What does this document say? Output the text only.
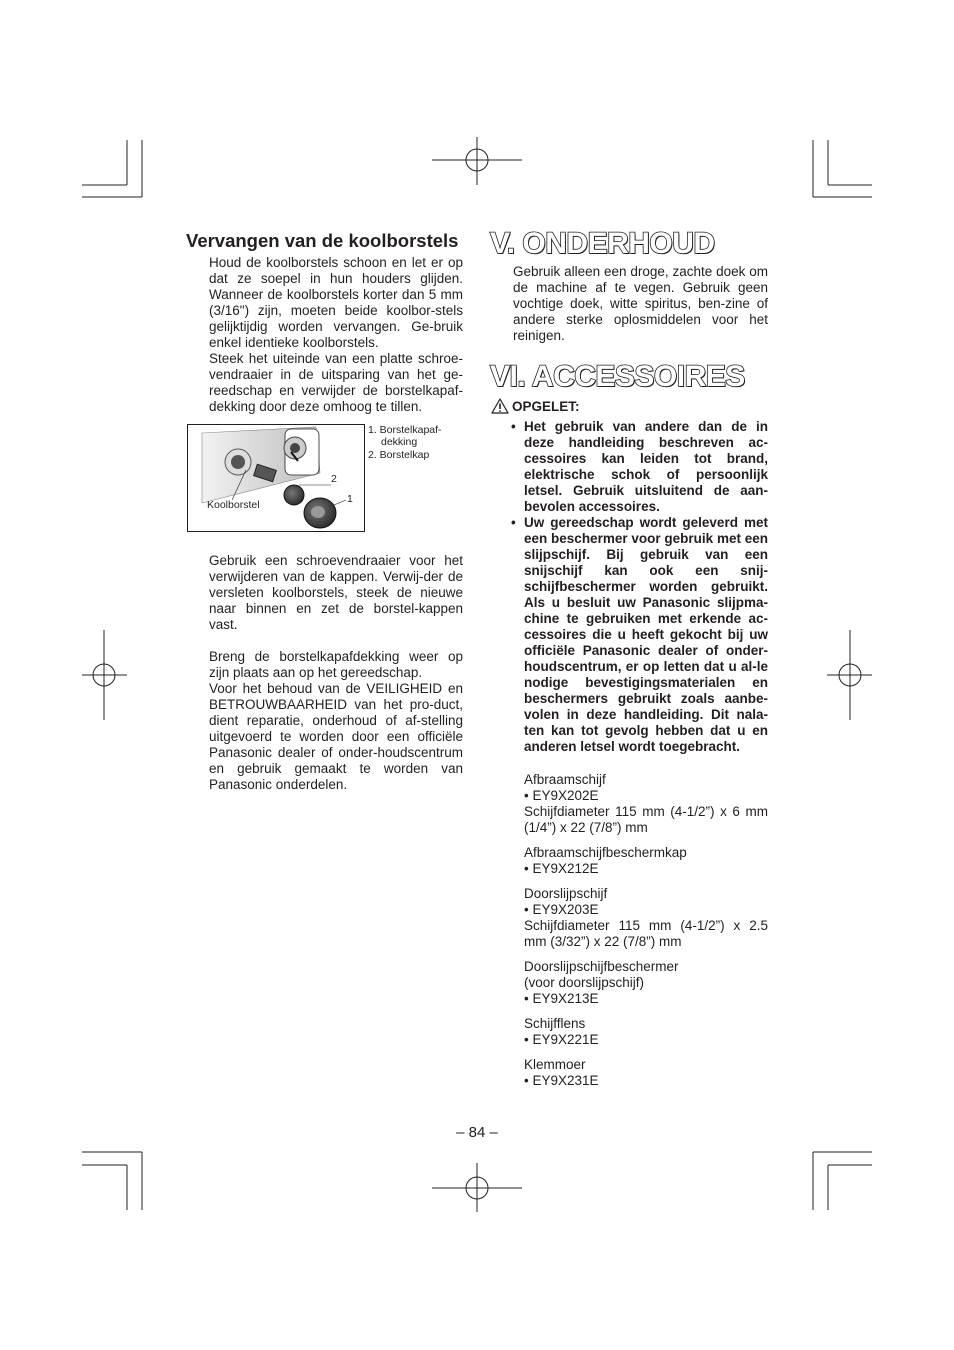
Vervangen van de koolborstels

Houd de koolborstels schoon en let er op dat ze soepel in hun houders glijden. Wanneer de koolborstels korter dan 5 mm (3/16") zijn, moeten beide koolbor-stels gelijktijdig worden vervangen. Ge-bruik enkel identieke koolborstels.

Steek het uiteinde van een platte schroe-vendraaier in de uitsparing van het ge-reedschap en verwijder de borstelkapaf-dekking door deze omhoog te tillen.

Koolborstel
2
1
1. Borstelkapaf-
dekking
2. Borstelkap
Gebruik een schroevendraaier voor het verwijderen van de kappen. Verwij-der de versleten koolborstels, steek de nieuwe naar binnen en zet de borstel-kappen vast.

Breng de borstelkapafdekking weer op zijn plaats aan op het gereedschap.

Voor het behoud van de VEILIGHEID en BETROUWBAARHEID van het pro-duct, dient reparatie, onderhoud of af-stelling uitgevoerd te worden door een officiële Panasonic dealer of onder-houdscentrum en gebruik gemaakt te worden van Panasonic onderdelen.

V. ONDERHOUD
Gebruik alleen een droge, zachte doek om de machine af te vegen. Gebruik geen vochtige doek, witte spiritus, ben-zine of andere sterke oplosmiddelen voor het reinigen.
VI. ACCESSOIRES
OPGELET:
• Het gebruik van andere dan de in deze handleiding beschreven ac-cessoires kan leiden tot brand, elektrische schok of persoonlijk letsel. Gebruik uitsluitend de aan-bevolen accessoires.
• Uw gereedschap wordt geleverd met een beschermer voor gebruik met een slijpschijf. Bij gebruik van een snijschijf kan ook een snij-schijfbeschermer worden gebruikt. Als u besluit uw Panasonic slijpma-chine te gebruiken met erkende ac-cessoires die u heeft gekocht bij uw officiële Panasonic dealer of onder-houdscentrum, er op letten dat u al-le nodige bevestigingsmaterialen en beschermers gebruikt zoals aanbe-volen in deze handleiding. Dit nala-ten kan tot gevolg hebben dat u en anderen letsel wordt toegebracht.
Afbraamschijf
• EY9X202E
Schijfdiameter 115 mm (4-1/2”) x 6 mm (1/4”) x 22 (7/8”) mm
Afbraamschijfbeschermkap
• EY9X212E
Doorslijpschijf
• EY9X203E
Schijfdiameter 115 mm (4-1/2”) x 2.5 mm (3/32”) x 22 (7/8”) mm
Doorslijpschijfbeschermer
(voor doorslijpschijf)
• EY9X213E
Schijfflens
• EY9X221E
Klemmoer
• EY9X231E
– 84 –
